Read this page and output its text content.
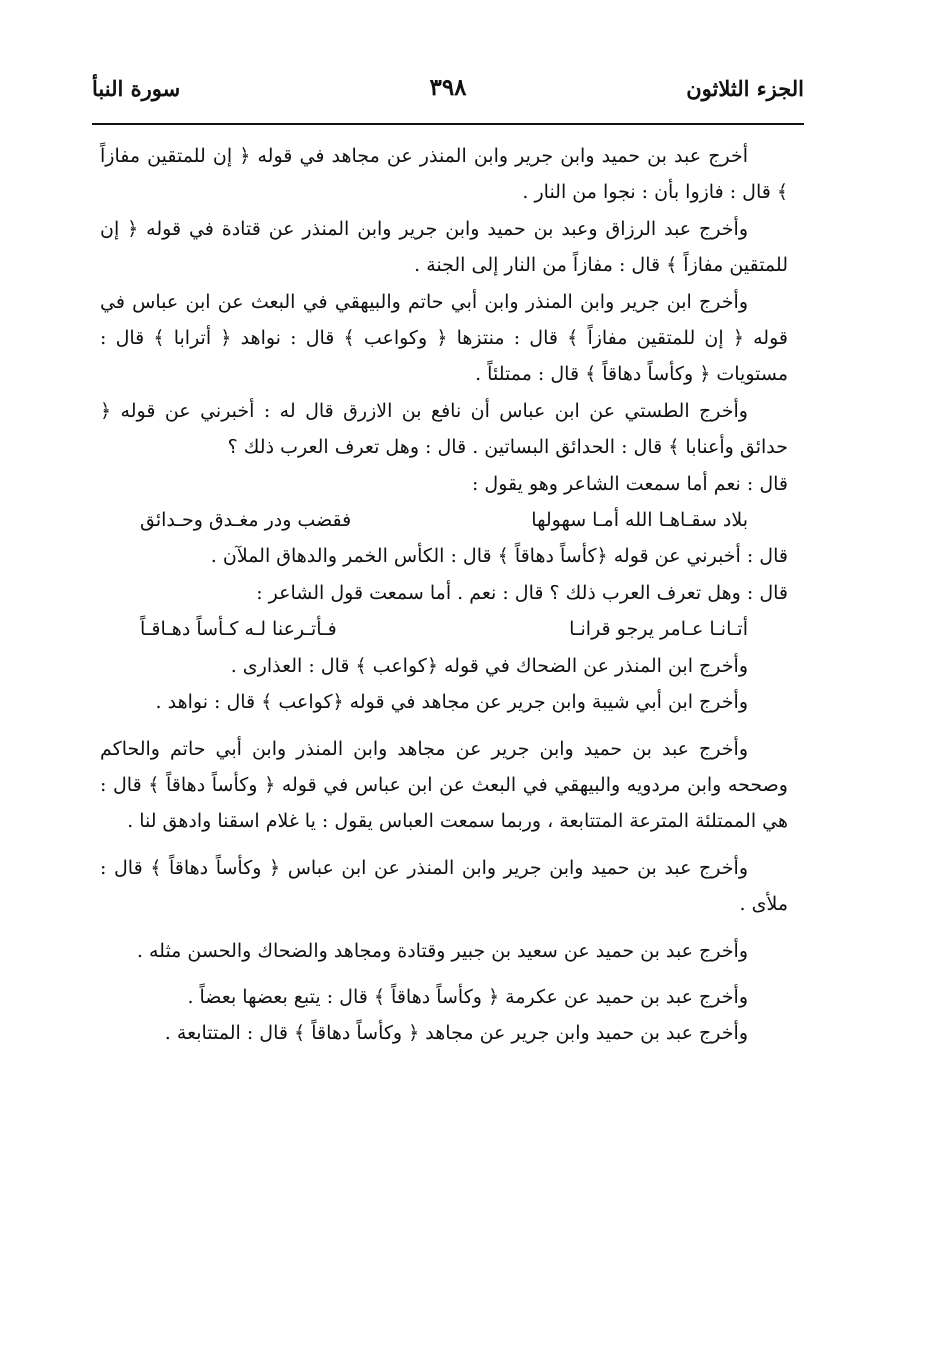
الجزء الثلاثون
٣٩٨
سورة النبأ

أخرج عبد بن حميد وابن جرير وابن المنذر عن مجاهد في قوله ﴿ إن للمتقين مفازاً ﴾ قال : فازوا بأن : نجوا من النار .

وأخرج عبد الرزاق وعبد بن حميد وابن جرير وابن المنذر عن قتادة في قوله ﴿ إن للمتقين مفازاً ﴾ قال : مفازاً من النار إلى الجنة .

وأخرج ابن جرير وابن المنذر وابن أبي حاتم والبيهقي في البعث عن ابن عباس في قوله ﴿ إن للمتقين مفازاً ﴾ قال : منتزها ﴿ وكواعب ﴾ قال : نواهد ﴿ أترابا ﴾ قال : مستويات ﴿ وكأساً دهاقاً ﴾ قال : ممتلئاً .

وأخرج الطستي عن ابن عباس أن نافع بن الازرق قال له : أخبرني عن قوله ﴿ حدائق وأعنابا ﴾ قال : الحدائق البساتين . قال : وهل تعرف العرب ذلك ؟

قال : نعم أما سمعت الشاعر وهو يقول :

بلاد سقـاهـا الله أمـا سهولها
فقضب ودر مغـدق وحـدائق

قال : أخبرني عن قوله ﴿كأساً دهاقاً ﴾ قال : الكأس الخمر والدهاق الملآن .

قال : وهل تعرف العرب ذلك ؟ قال : نعم . أما سمعت قول الشاعر :

أتـانـا عـامر يرجو قرانـا
فـأتـرعنا لـه كـأساً دهـاقـاً

وأخرج ابن المنذر عن الضحاك في قوله ﴿كواعب ﴾ قال : العذارى .

وأخرج ابن أبي شيبة وابن جرير عن مجاهد في قوله ﴿كواعب ﴾ قال : نواهد .

وأخرج عبد بن حميد وابن جرير عن مجاهد وابن المنذر وابن أبي حاتم والحاكم وصححه وابن مردويه والبيهقي في البعث عن ابن عباس في قوله ﴿ وكأساً دهاقاً ﴾ قال : هي الممتلئة المترعة المتتابعة ، وربما سمعت العباس يقول : يا غلام اسقنا وادهق لنا .

وأخرج عبد بن حميد وابن جرير وابن المنذر عن ابن عباس ﴿ وكأساً دهاقاً ﴾ قال : ملأى .

وأخرج عبد بن حميد عن سعيد بن جبير وقتادة ومجاهد والضحاك والحسن مثله .

وأخرج عبد بن حميد عن عكرمة ﴿ وكأساً دهاقاً ﴾ قال : يتبع بعضها بعضاً .

وأخرج عبد بن حميد وابن جرير عن مجاهد ﴿ وكأساً دهاقاً ﴾ قال : المتتابعة .
